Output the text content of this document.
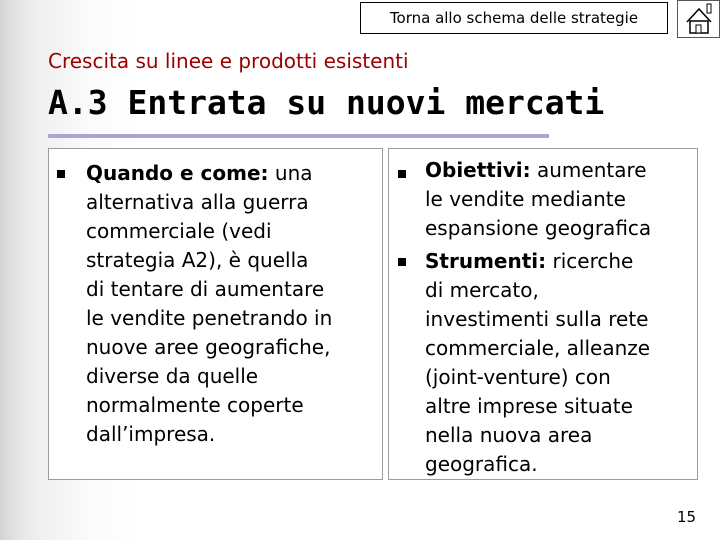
Torna allo schema delle strategie
Crescita su linee e prodotti esistenti
A.3 Entrata su nuovi mercati
Quando e come: una
alternativa alla guerra
commerciale (vedi
strategia A2), è quella
di tentare di aumentare
le vendite penetrando in
nuove aree geografiche,
diverse da quelle
normalmente coperte
dall’impresa.
Obiettivi: aumentare
le vendite mediante
espansione geografica
Strumenti: ricerche
di mercato,
investimenti sulla rete
commerciale, alleanze
(joint-venture) con
altre imprese situate
nella nuova area
geografica.
15
